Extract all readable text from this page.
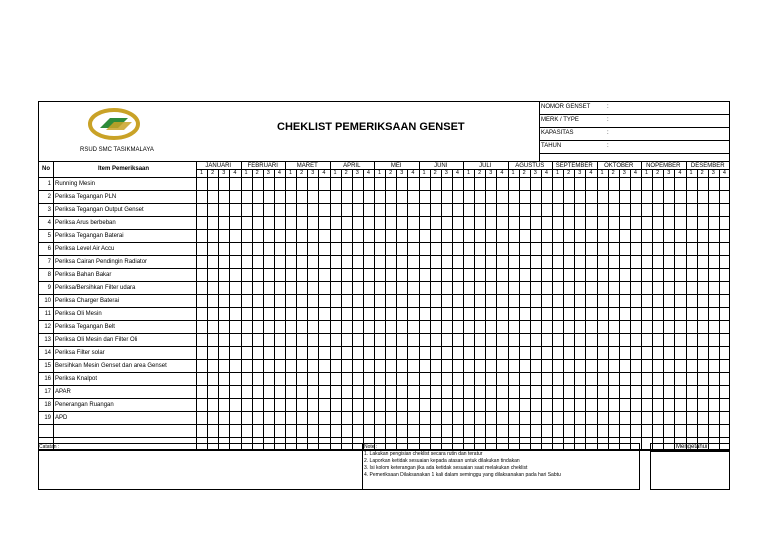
RSUD SMC TASIKMALAYA
CHEKLIST PEMERIKSAAN GENSET
NOMOR GENSET	:
MERK / TYPE	:
KAPASITAS	:
TAHUN	:
JANUARI
1	2	3	4
FEBRUARI
1	2	3	4
MARET
1	2	3	4
APRIL
1	2	3	4
MEI
1	2	3	4
JUNI
1	2	3	4
JULI
1	2	3	4
AGUSTUS
1	2	3	4
SEPTEMBER
1	2	3	4
OKTOBER
1	2	3	4
NOPEMBER
1	2	3	4
DESEMBER
1	2	3	4
1 Running Mesin
2 Periksa Tegangan PLN
3 Periksa Tegangan Output Genset
4 Periksa Arus berbeban
5 Periksa Tegangan Baterai
6 Periksa Level Air Accu
7 Periksa Cairan Pendingin Radiator
8 Periksa Bahan Bakar
9 Periksa/Bersihkan Filter udara
10 Periksa Charger Baterai
11 Periksa Oli Mesin
12 Periksa Tegangan Belt
13 Periksa Oli Mesin dan Filter Oli
14 Periksa Filter solar
15 Bersihkan Mesin Genset dan area Genset
16 Periksa Knalpot
17 APAR
18 Penerangan Ruangan
19 APD
No	Item Pemeriksaan
Catatan :	Note :
1. Lakukan pengisian cheklist secara rutin dan teratur
2. Laporkan ketidak sesuaian kepada atasan untuk dilakukan tindakan
3. Isi kolom keterangan jika ada ketidak sesuaian saat melakukan cheklist
4. Pemeriksaan Dilaksanakan 1 kali dalam seminggu yang dilaksanakan pada hari Sabtu
Mengetahui
